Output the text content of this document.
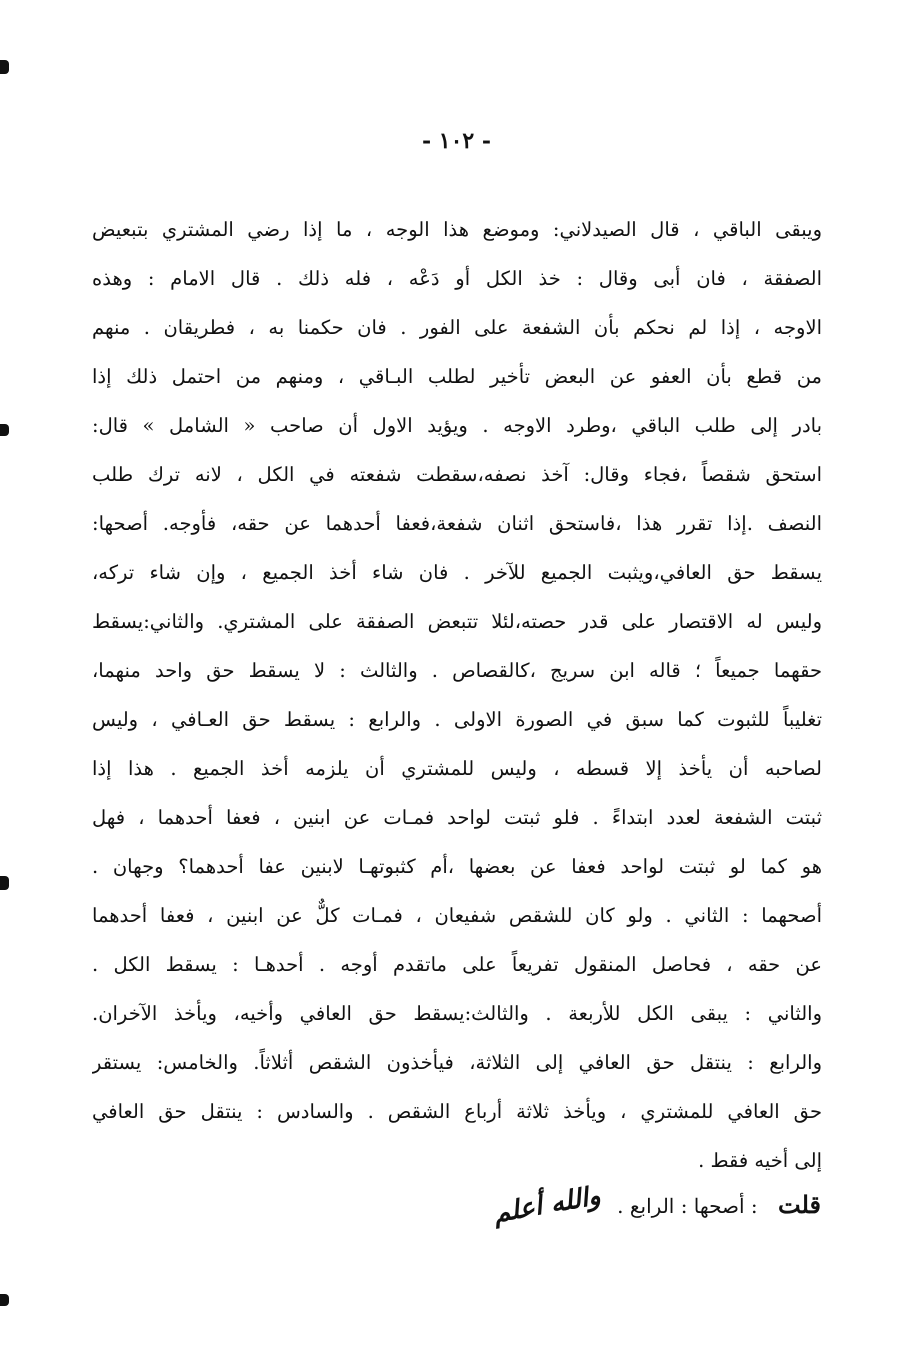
- ١٠٢ -
ويبقى الباقي ، قال الصيدلاني: وموضع هذا الوجه ، ما إذا رضي المشتري بتبعيض
الصفقة ، فان أبى وقال : خذ الكل أو دَعْه ، فله ذلك . قال الامام : وهذه
الاوجه ، إذا لم نحكم بأن الشفعة على الفور . فان حكمنا به ، فطريقان . منهم
من قطع بأن العفو عن البعض تأخير لطلب البـاقي ، ومنهم من احتمل ذلك إذا
بادر إلى طلب الباقي ،وطرد الاوجه . ويؤيد الاول أن صاحب « الشامل » قال:
استحق شقصاً ،فجاء وقال: آخذ نصفه،سقطت شفعته في الكل ، لانه ترك طلب
النصف .إذا تقرر هذا ،فاستحق اثنان شفعة،فعفا أحدهما عن حقه، فأوجه. أصحها:
يسقط حق العافي،ويثبت الجميع للآخر . فان شاء أخذ الجميع ، وإن شاء تركه،
وليس له الاقتصار على قدر حصته،لئلا تتبعض الصفقة على المشتري. والثاني:يسقط
حقهما جميعاً ؛ قاله ابن سريج ،كالقصاص . والثالث : لا يسقط حق واحد منهما،
تغليباً للثبوت كما سبق في الصورة الاولى . والرابع : يسقط حق العـافي ، وليس
لصاحبه أن يأخذ إلا قسطه ، وليس للمشتري أن يلزمه أخذ الجميع . هذا إذا
ثبتت الشفعة لعدد ابتداءً . فلو ثبتت لواحد فمـات عن ابنين ، فعفا أحدهما ، فهل
هو كما لو ثبتت لواحد فعفا عن بعضها ،أم كثبوتهـا لابنين عفا أحدهما؟ وجهان .
أصحهما : الثاني . ولو كان للشقص شفيعان ، فمـات كلٌّ عن ابنين ، فعفا أحدهما
عن حقه ، فحاصل المنقول تفريعاً على ماتقدم أوجه . أحدهـا : يسقط الكل .
والثاني : يبقى الكل للأربعة . والثالث:يسقط حق العافي وأخيه، ويأخذ الآخران.
والرابع : ينتقل حق العافي إلى الثلاثة، فيأخذون الشقص أثلاثاً. والخامس: يستقر
حق العافي للمشتري ، ويأخذ ثلاثة أرباع الشقص . والسادس : ينتقل حق العافي
إلى أخيه فقط .
قلت : أصحها : الرابع . والله أعلم
